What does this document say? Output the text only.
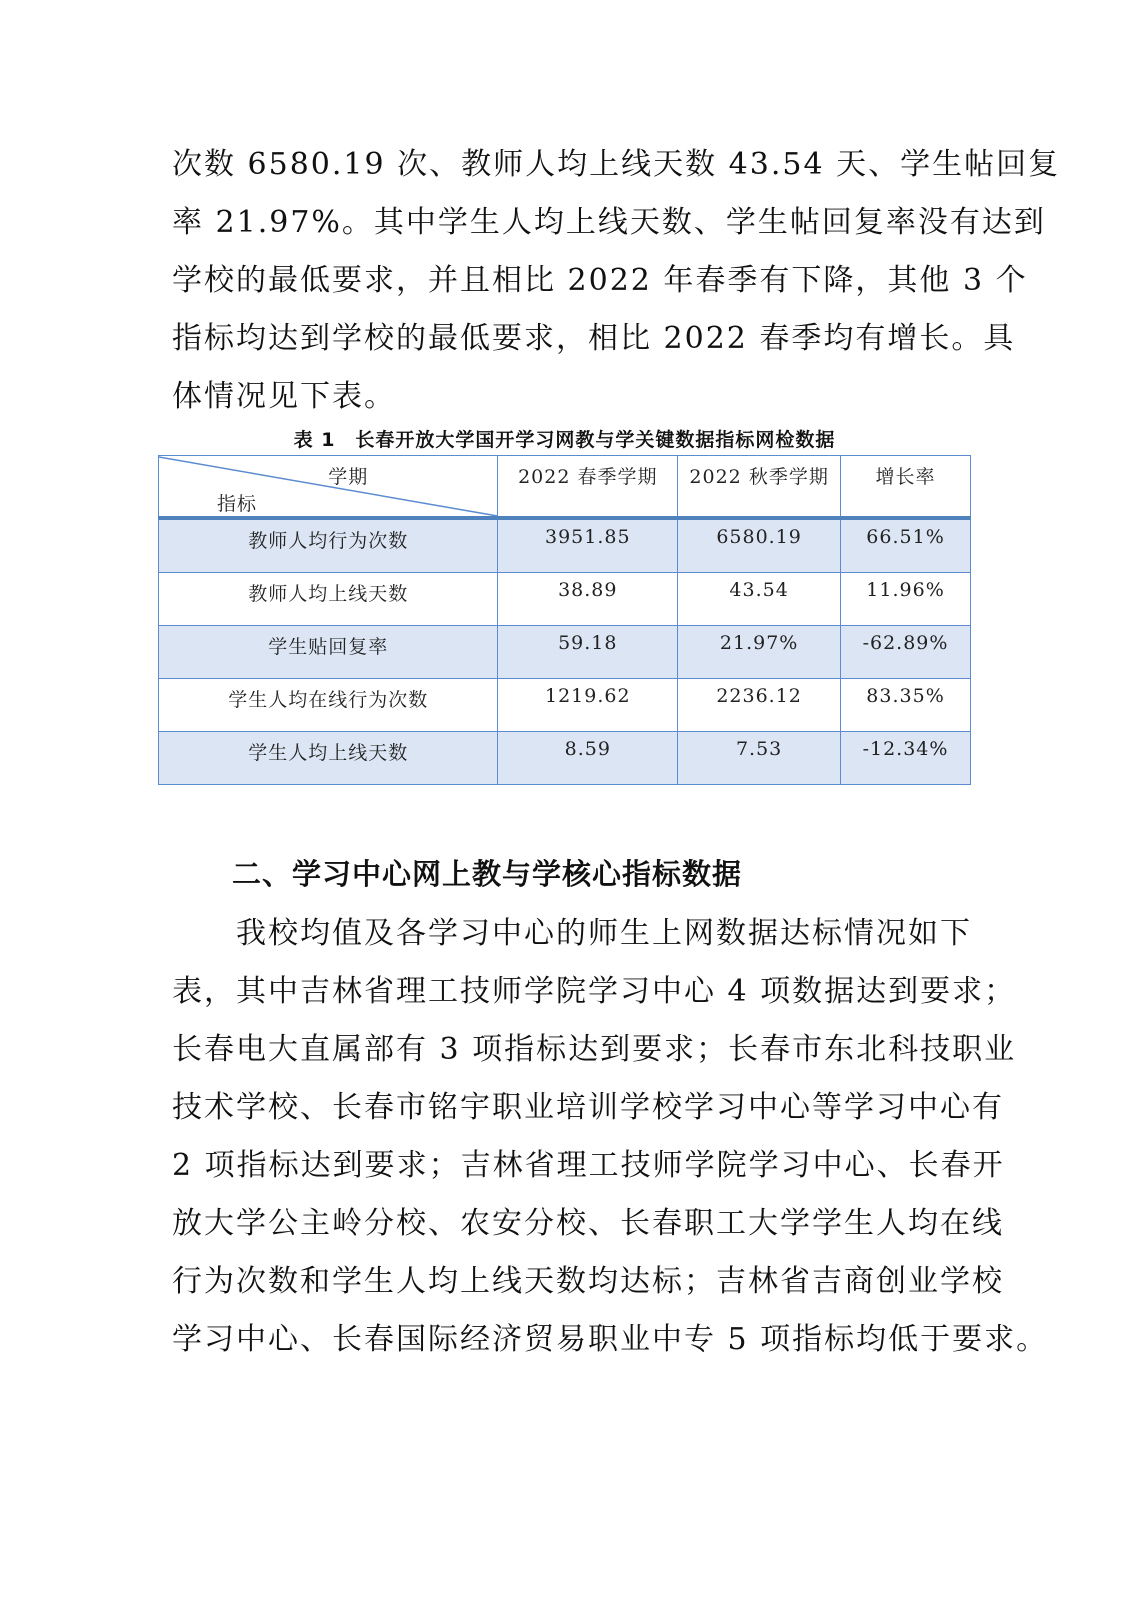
次数 6580.19 次、教师人均上线天数 43.54 天、学生帖回复
率 21.97%。其中学生人均上线天数、学生帖回复率没有达到
学校的最低要求，并且相比 2022 年春季有下降，其他 3 个
指标均达到学校的最低要求，相比 2022 春季均有增长。具
体情况见下表。
表 1　长春开放大学国开学习网教与学关键数据指标网检数据
学期
指标	2022 春季学期	2022 秋季学期	增长率
教师人均行为次数	3951.85	6580.19	66.51%
教师人均上线天数	38.89	43.54	11.96%
学生贴回复率	59.18	21.97%	-62.89%
学生人均在线行为次数	1219.62	2236.12	83.35%
学生人均上线天数	8.59	7.53	-12.34%
二、学习中心网上教与学核心指标数据
　　我校均值及各学习中心的师生上网数据达标情况如下
表，其中吉林省理工技师学院学习中心 4 项数据达到要求；
长春电大直属部有 3 项指标达到要求；长春市东北科技职业
技术学校、长春市铭宇职业培训学校学习中心等学习中心有
2 项指标达到要求；吉林省理工技师学院学习中心、长春开
放大学公主岭分校、农安分校、长春职工大学学生人均在线
行为次数和学生人均上线天数均达标；吉林省吉商创业学校
学习中心、长春国际经济贸易职业中专 5 项指标均低于要求。
